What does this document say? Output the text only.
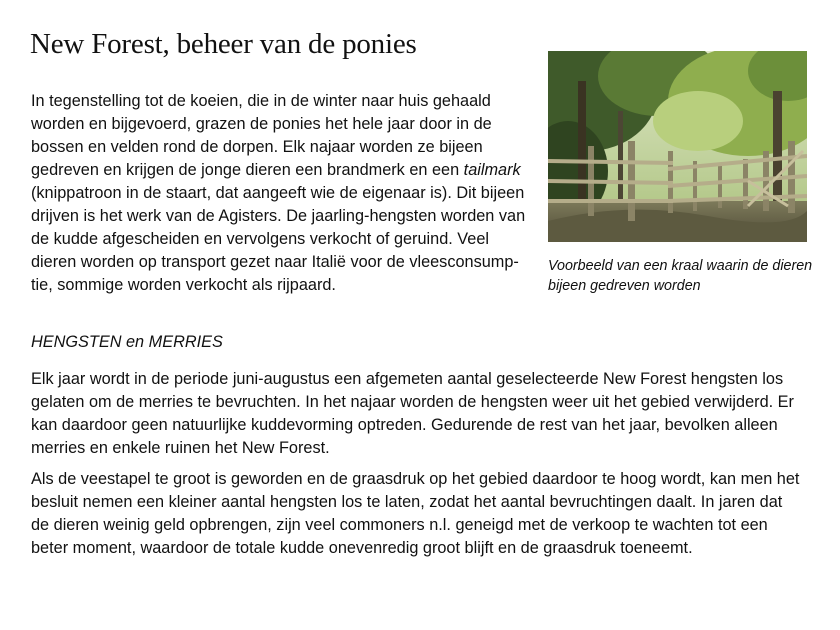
New Forest, beheer van de ponies

In tegenstelling tot de koeien, die in de winter naar huis gehaald worden en bijgevoerd, grazen de ponies het hele jaar door in de bossen en velden rond de dorpen. Elk najaar worden ze bijeen gedreven en krijgen de jonge dieren een brandmerk en een tailmark (knippatroon in de staart, dat aangeeft wie de eigenaar is). Dit bijeen drijven is het werk van de Agisters. De jaarling-hengsten worden van de kudde afgescheiden en vervolgens verkocht of geruind. Veel dieren worden op transport gezet naar Italië voor de vleesconsump-tie, sommige worden verkocht als rijpaard.

Voorbeeld van een kraal waarin de dieren bijeen gedreven worden

HENGSTEN en MERRIES

Elk jaar wordt in de periode juni-augustus een afgemeten aantal geselecteerde New Forest hengsten los gelaten om de merries te bevruchten. In het najaar worden de hengsten weer uit het gebied verwijderd. Er kan daardoor geen natuurlijke kuddevorming optreden. Gedurende de rest van het jaar, bevolken alleen merries en enkele ruinen het New Forest.

Als de veestapel te groot is geworden en de graasdruk op het gebied daardoor te hoog wordt, kan men het besluit nemen een kleiner aantal hengsten los te laten, zodat het aantal bevruchtingen daalt. In jaren dat de dieren weinig geld opbrengen, zijn veel commoners n.l. geneigd met de verkoop te wachten tot een beter moment, waardoor de totale kudde onevenredig groot blijft en de graasdruk toeneemt.
